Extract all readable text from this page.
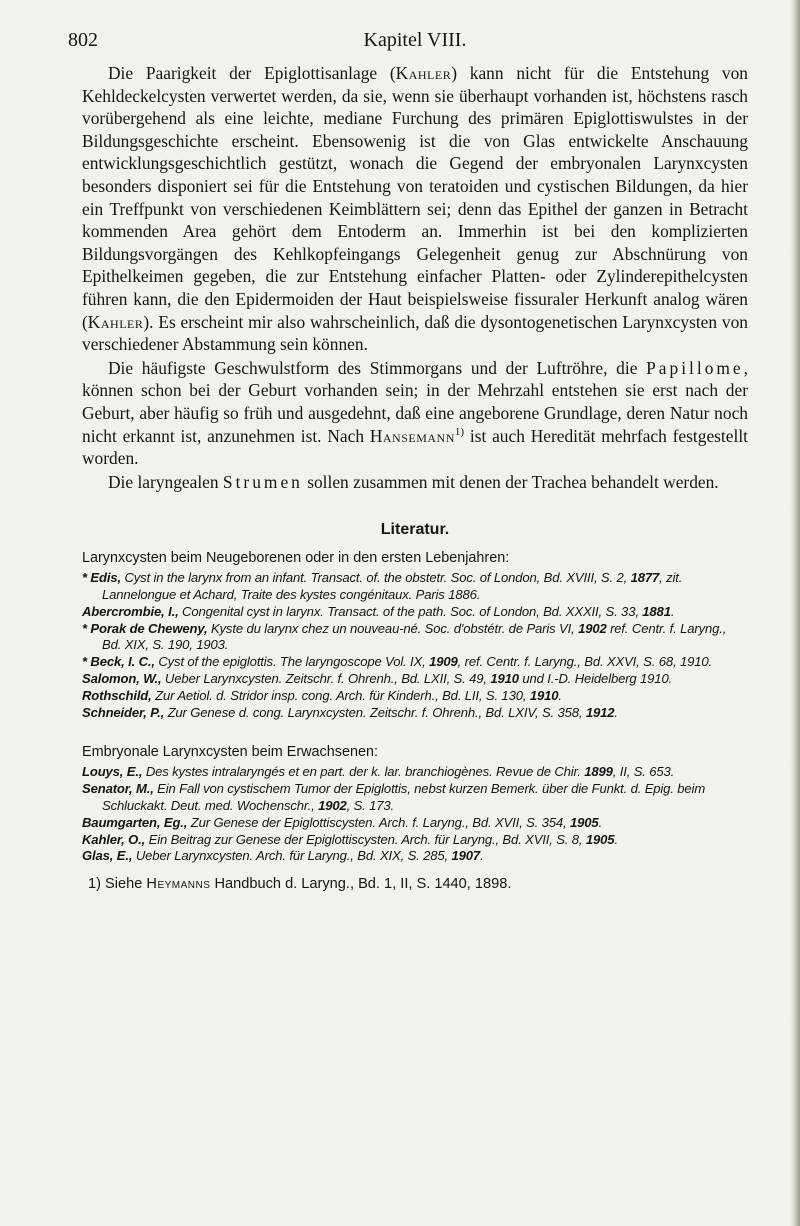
802	Kapitel VIII.

Die Paarigkeit der Epiglottisanlage (Kahler) kann nicht für die Entstehung von Kehldeckelcysten verwertet werden, da sie, wenn sie überhaupt vorhanden ist, höchstens rasch vorübergehend als eine leichte, mediane Furchung des primären Epiglottiswulstes in der Bildungsgeschichte erscheint. Ebensowenig ist die von Glas entwickelte Anschauung entwicklungsgeschichtlich gestützt, wonach die Gegend der embryonalen Larynxcysten besonders disponiert sei für die Entstehung von teratoiden und cystischen Bildungen, da hier ein Treffpunkt von verschiedenen Keimblättern sei; denn das Epithel der ganzen in Betracht kommenden Area gehört dem Entoderm an. Immerhin ist bei den komplizierten Bildungsvorgängen des Kehlkopfeingangs Gelegenheit genug zur Abschnürung von Epithelkeimen gegeben, die zur Entstehung einfacher Platten- oder Zylinderepithelcysten führen kann, die den Epidermoiden der Haut beispielsweise fissuraler Herkunft analog wären (Kahler). Es erscheint mir also wahrscheinlich, daß die dysontogenetischen Larynxcysten von verschiedener Abstammung sein können.

Die häufigste Geschwulstform des Stimmorgans und der Luftröhre, die Papillome, können schon bei der Geburt vorhanden sein; in der Mehrzahl entstehen sie erst nach der Geburt, aber häufig so früh und ausgedehnt, daß eine angeborene Grundlage, deren Natur noch nicht erkannt ist, anzunehmen ist. Nach Hansemann$^{1)}$ ist auch Heredität mehrfach festgestellt worden.

Die laryngealen Strumen sollen zusammen mit denen der Trachea behandelt werden.

Literatur.
Larynxcysten beim Neugeborenen oder in den ersten Lebenjahren:

* Edis, Cyst in the larynx from an infant. Transact. of. the obstetr. Soc. of London, Bd. XVIII, S. 2, 1877, zit. Lannelongue et Achard, Traite des kystes congénitaux. Paris 1886.

Abercrombie, I., Congenital cyst in larynx. Transact. of the path. Soc. of London, Bd. XXXII, S. 33, 1881.

* Porak de Cheweny, Kyste du larynx chez un nouveau-né. Soc. d'obstétr. de Paris VI, 1902 ref. Centr. f. Laryng., Bd. XIX, S. 190, 1903.

* Beck, I. C., Cyst of the epiglottis. The laryngoscope Vol. IX, 1909, ref. Centr. f. Laryng., Bd. XXVI, S. 68, 1910.

Salomon, W., Ueber Larynxcysten. Zeitschr. f. Ohrenh., Bd. LXII, S. 49, 1910 und I.-D. Heidelberg 1910.

Rothschild, Zur Aetiol. d. Stridor insp. cong. Arch. für Kinderh., Bd. LII, S. 130, 1910.

Schneider, P., Zur Genese d. cong. Larynxcysten. Zeitschr. f. Ohrenh., Bd. LXIV, S. 358, 1912.

Embryonale Larynxcysten beim Erwachsenen:

Louys, E., Des kystes intralaryngés et en part. der k. lar. branchiogènes. Revue de Chir. 1899, II, S. 653.

Senator, M., Ein Fall von cystischem Tumor der Epiglottis, nebst kurzen Bemerk. über die Funkt. d. Epig. beim Schluckakt. Deut. med. Wochenschr., 1902, S. 173.

Baumgarten, Eg., Zur Genese der Epiglottiscysten. Arch. f. Laryng., Bd. XVII, S. 354, 1905.

Kahler, O., Ein Beitrag zur Genese der Epiglottiscysten. Arch. für Laryng., Bd. XVII, S. 8, 1905.

Glas, E., Ueber Larynxcysten. Arch. für Laryng., Bd. XIX, S. 285, 1907.

1) Siehe Heymanns Handbuch d. Laryng., Bd. 1, II, S. 1440, 1898.
